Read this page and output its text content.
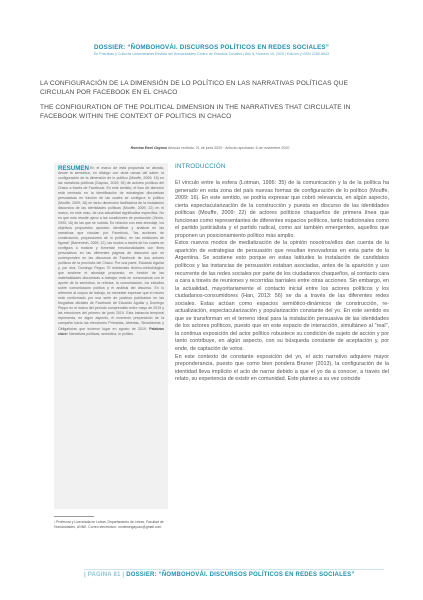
DOSSIER: “ÑOMBOHOVÁI. DISCURSOS POLÍTICOS EN REDES SOCIALES”
En Prácticas y Culturas Universitarias Revista del Humanidades Centro de Estudios Sociales | Año 6, Número 10, 2020 | Edición y ISSN 2250-8643
LA CONFIGURACIÓN DE LA DIMENSIÓN DE LO POLÍTICO EN LAS NARRATIVAS POLÍTICAS QUE CIRCULAN POR FACEBOOK EN EL CHACO
THE CONFIGURATION OF THE POLITICAL DIMENSION IN THE NARRATIVES THAT CIRCULATE IN FACEBOOK WITHIN THE CONTEXT OF POLITICS IN CHACO
Romina Ewel Gayoso Artículo recibido: 21 de junio 2020 · Artículo aprobado: 6 de noviembre 2020
En el marco de esta propuesta se aborda, desde la semiótica, en diálogo con otras ramas del saber, la configuración de la dimensión de lo político (Mouffe, 2009; 16) en las narrativas políticas (Gayoso, 2019; 92) de actores políticos del Chaco a través de Facebook. En este sentido, el foco de atención está centrado en la identificación de estrategias discursivas persuasivas en función de las cuales se configura lo político (Mouffe, 2009; 16) en tanto dimensión facilitadora de la instalación discursiva de las identidades políticas (Mouffe, 2009; 22) en el marco, en este caso, de una actualidad significativa específica. No es que esto resulte ajeno a las condiciones de producción (Verón, 1993; 16) de las que se nutrida. En relación con este abordaje, los objetivos propuestos apuntan: identificar y analizar en las narrativas que circulan por Facebook, "las acciones de construcción, proyecciones de lo político, en las emisiones de figuras" (Barrenech, 2009; 12), las modos a través de los cuales se configura a mostrar y fomentar emocionalidades con fines persuasivos en las diferentes páginas de discusión que se corresponden en las discursos de Facebook de dos actores políticos de la provincia del Chaco. Por una parte, Eduardo Aguilar y, por otra, Domingo Peppo. El entramado teórico-metodológico que sostiene el abordaje propuesto, en función de las materialidades discursivas a trabajar, está en consonancia con el aporte de la semiótica, la retórica, la comunicación, los estudios sobre comunicación política y el análisis del discurso. En lo referente al corpus de trabajo, es menester expresar que el mismo está conformado por una serie de posteos publicados en las biografías oficiales de Facebook de Eduardo Aguilar y Domingo Peppo en el marco del período comprendido entre mayo de 2019 y las elecciones del primero de junio 2019. Esta instancia temporal representa, en algún aspecto, el momento preparatorio de la campaña hacia las elecciones Primarias, Abiertas, Simultáneas y Obligatorias que tuvieron lugar en agosto de 2019. Palabras clave: Narrativas políticas, semiótica, lo político.
RESUMEN
¹ Profesora y Licenciada en Letras, Departamento de Letras, Facultad de Humanidades, UNNE. Correo electrónico: romiewelgayoso@gmail.com
INTRODUCCIÓN

El vínculo entre la esfera (Lotman, 1996: 35) de la comunicación y la de la política ha generado en esta zona del país nuevas formas de configuración de lo político (Mouffe, 2009: 16). En este sentido, se podría expresar que cobró relevancia, en algún aspecto, cierta espectacularización de la construcción y puesta en discurso de las identidades políticas (Mouffe, 2009: 22) de actores políticos chaqueños de primera línea que funcionan como representantes de diferentes espacios políticos, tanto tradicionales como el partido justicialista y el partido radical, como así también emergentes, aquellos que proponen un posicionamiento político más amplio.

Estos nuevos modos de mediatización de la opinión nosotros/ellos dan cuenta de la aparición de estrategias de persuasión que resultan innovadoras en esta parte de la Argentina. Se sostiene esto porque en estas latitudes la instalación de candidatos políticos y las instancias de persuasión estaban asociadas, antes de la aparición y uso recurrente de las redes sociales por parte de los ciudadanos chaqueños, al contacto cara a cara a través de reuniones y recorridas barriales entre otras acciones. Sin embargo, en la actualidad, mayoritariamente el contacto inicial entre los actores políticos y los ciudadanos-consumidores (Han, 2013: 56) se da a través de las diferentes redes sociales. Estas actúan como espacios semiótico-dinámicos de construcción, re-actualización, espectacularización y popularización constante del yo. En este sentido es que se transforman en el terreno ideal para la instalación persuasiva de las identidades de los actores políticos, puesto que en este espacio de interacción, simultáneo al "real", la continua exposición del actor político robustece su condición de sujeto de acción y por tanto contribuye, en algún aspecto, con su búsqueda constante de aceptación y, por ende, de captación de votos.

En este contexto de constante exposición del yo, el acto narrativo adquiere mayor preponderancia, puesto que como bien pondera Bruner (2013), la configuración de la identidad lleva implícito el acto de narrar debido a que el yo da a conocer, a través del relato, su experiencia de existir en comunidad. Este planteo a su vez coincide

| PAGINA 81 | DOSSIER: “ÑOMBOHOVÁI. DISCURSOS POLÍTICOS EN REDES SOCIALES”
